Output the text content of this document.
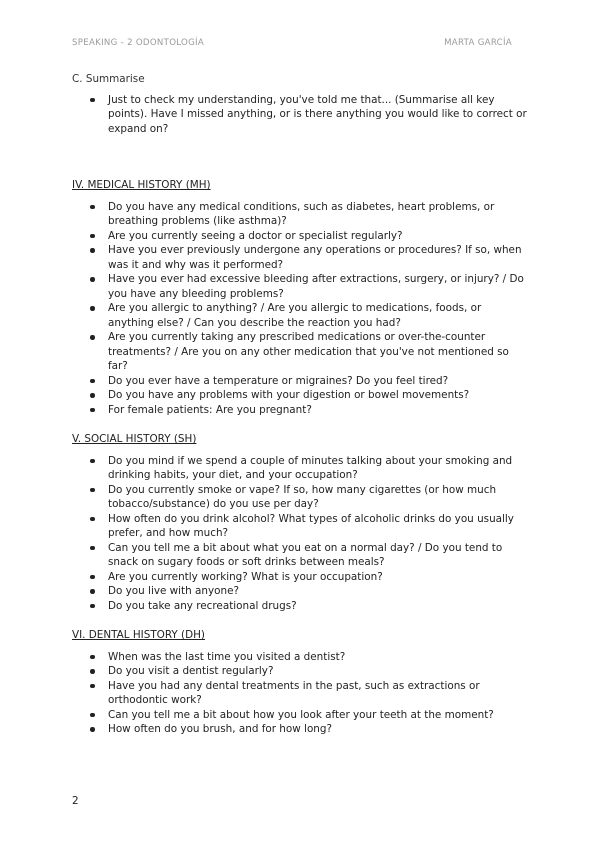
SPEAKING - 2 ODONTOLOGÍA	MARTA GARCÍA
C. Summarise
Just to check my understanding, you've told me that... (Summarise all key points). Have I missed anything, or is there anything you would like to correct or expand on?
IV. MEDICAL HISTORY (MH)
Do you have any medical conditions, such as diabetes, heart problems, or breathing problems (like asthma)?
Are you currently seeing a doctor or specialist regularly?
Have you ever previously undergone any operations or procedures? If so, when was it and why was it performed?
Have you ever had excessive bleeding after extractions, surgery, or injury? / Do you have any bleeding problems?
Are you allergic to anything? / Are you allergic to medications, foods, or anything else? / Can you describe the reaction you had?
Are you currently taking any prescribed medications or over-the-counter treatments? / Are you on any other medication that you've not mentioned so far?
Do you ever have a temperature or migraines? Do you feel tired?
Do you have any problems with your digestion or bowel movements?
For female patients: Are you pregnant?
V. SOCIAL HISTORY (SH)
Do you mind if we spend a couple of minutes talking about your smoking and drinking habits, your diet, and your occupation?
Do you currently smoke or vape? If so, how many cigarettes (or how much tobacco/substance) do you use per day?
How often do you drink alcohol? What types of alcoholic drinks do you usually prefer, and how much?
Can you tell me a bit about what you eat on a normal day? / Do you tend to snack on sugary foods or soft drinks between meals?
Are you currently working? What is your occupation?
Do you live with anyone?
Do you take any recreational drugs?
VI. DENTAL HISTORY (DH)
When was the last time you visited a dentist?
Do you visit a dentist regularly?
Have you had any dental treatments in the past, such as extractions or orthodontic work?
Can you tell me a bit about how you look after your teeth at the moment?
How often do you brush, and for how long?
2
